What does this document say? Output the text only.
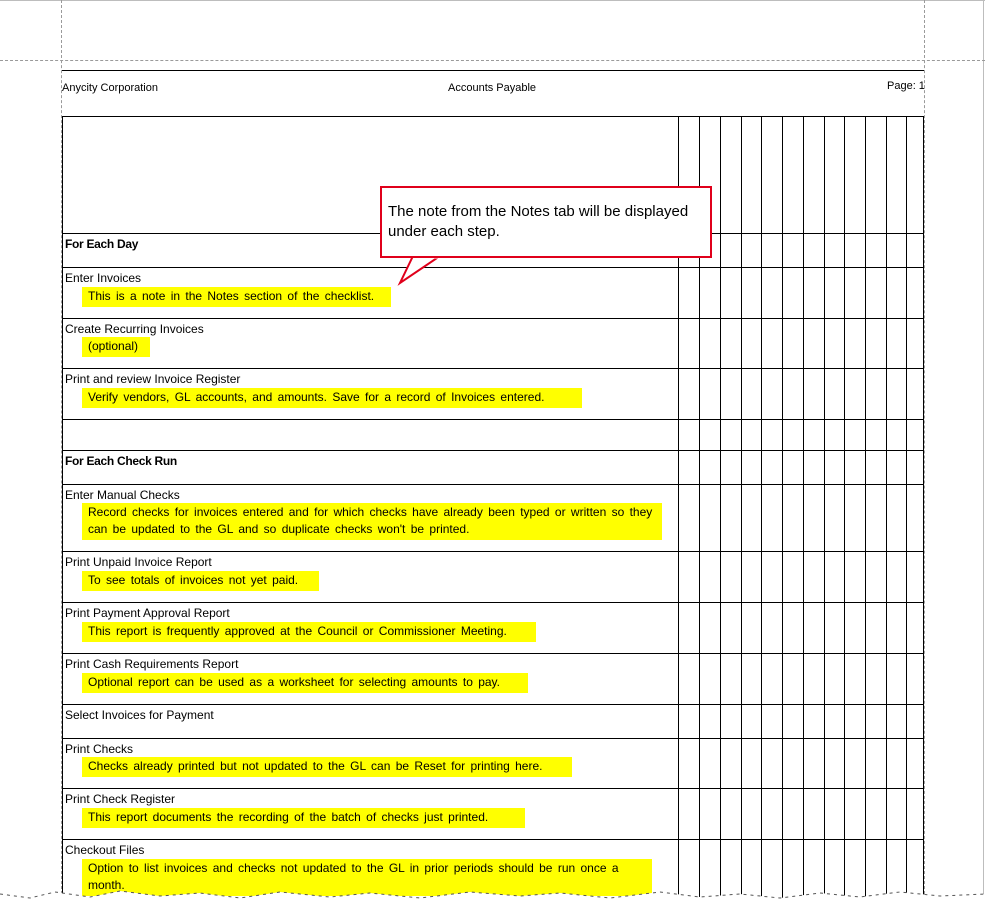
Anycity Corporation	Accounts Payable	Page: 1
For Each Day
Enter Invoices
This is a note in the Notes section of the checklist.
Create Recurring Invoices
(optional)
Print and review Invoice Register
Verify vendors, GL accounts, and amounts. Save for a record of Invoices entered.
For Each Check Run
Enter Manual Checks
Record checks for invoices entered and for which checks have already been typed or written so they can be updated to the GL and so duplicate checks won't be printed.
Print Unpaid Invoice Report
To see totals of invoices not yet paid.
Print Payment Approval Report
This report is frequently approved at the Council or Commissioner Meeting.
Print Cash Requirements Report
Optional report can be used as a worksheet for selecting amounts to pay.
Select Invoices for Payment
Print Checks
Checks already printed but not updated to the GL can be Reset for printing here.
Print Check Register
This report documents the recording of the batch of checks just printed.
Checkout Files
Option to list invoices and checks not updated to the GL in prior periods should be run once a month.
The note from the Notes tab will be displayed under each step.
